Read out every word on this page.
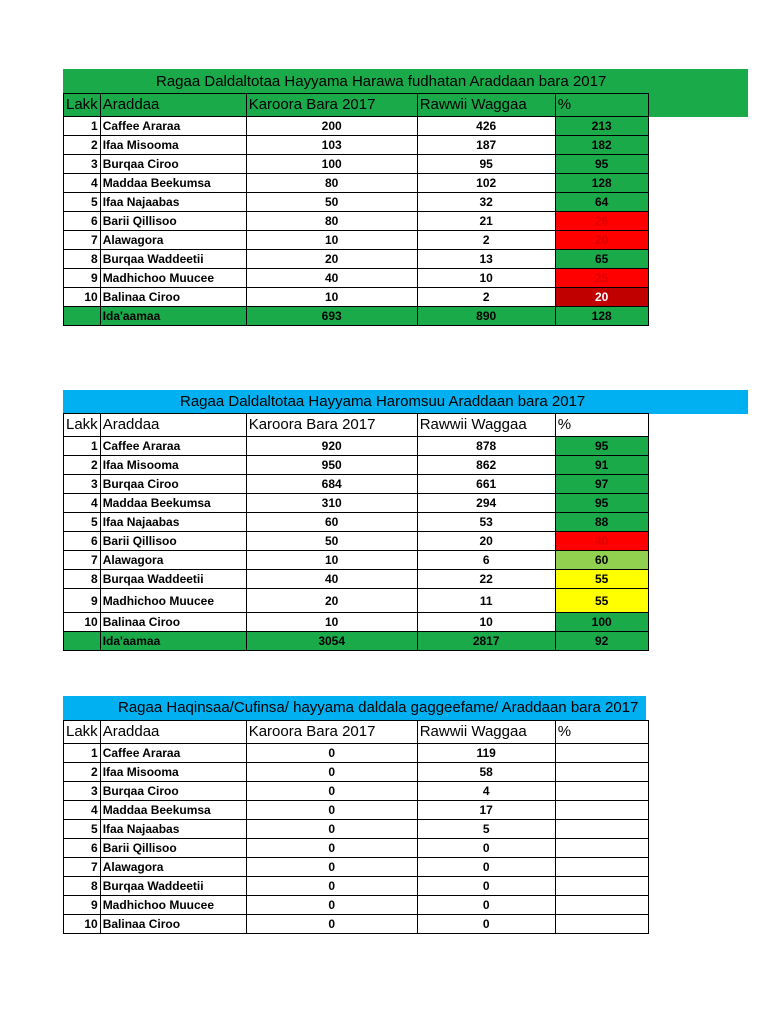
Ragaa Daldaltotaa Hayyama Harawa fudhatan Araddaan bara 2017
Lakk	Araddaa	Karoora Bara 2017	Rawwii Waggaa	%
1	Caffee Araraa	200	426	213
2	Ifaa Misooma	103	187	182
3	Burqaa Ciroo	100	95	95
4	Maddaa Beekumsa	80	102	128
5	Ifaa Najaabas	50	32	64
6	Barii Qillisoo	80	21	26
7	Alawagora	10	2	20
8	Burqaa Waddeetii	20	13	65
9	Madhichoo Muucee	40	10	25
10	Balinaa Ciroo	10	2	20
	Ida'aamaa	693	890	128
Ragaa Daldaltotaa Hayyama Haromsuu Araddaan bara 2017
Lakk	Araddaa	Karoora Bara 2017	Rawwii Waggaa	%
1	Caffee Araraa	920	878	95
2	Ifaa Misooma	950	862	91
3	Burqaa Ciroo	684	661	97
4	Maddaa Beekumsa	310	294	95
5	Ifaa Najaabas	60	53	88
6	Barii Qillisoo	50	20	40
7	Alawagora	10	6	60
8	Burqaa Waddeetii	40	22	55
9	Madhichoo Muucee	20	11	55
10	Balinaa Ciroo	10	10	100
	Ida'aamaa	3054	2817	92
Ragaa Haqinsaa/Cufinsa/ hayyama daldala gaggeefame/ Araddaan bara 2017
Lakk	Araddaa	Karoora Bara 2017	Rawwii Waggaa	%
1	Caffee Araraa	0	119	
2	Ifaa Misooma	0	58	
3	Burqaa Ciroo	0	4	
4	Maddaa Beekumsa	0	17	
5	Ifaa Najaabas	0	5	
6	Barii Qillisoo	0	0	
7	Alawagora	0	0	
8	Burqaa Waddeetii	0	0	
9	Madhichoo Muucee	0	0	
10	Balinaa Ciroo	0	0	
